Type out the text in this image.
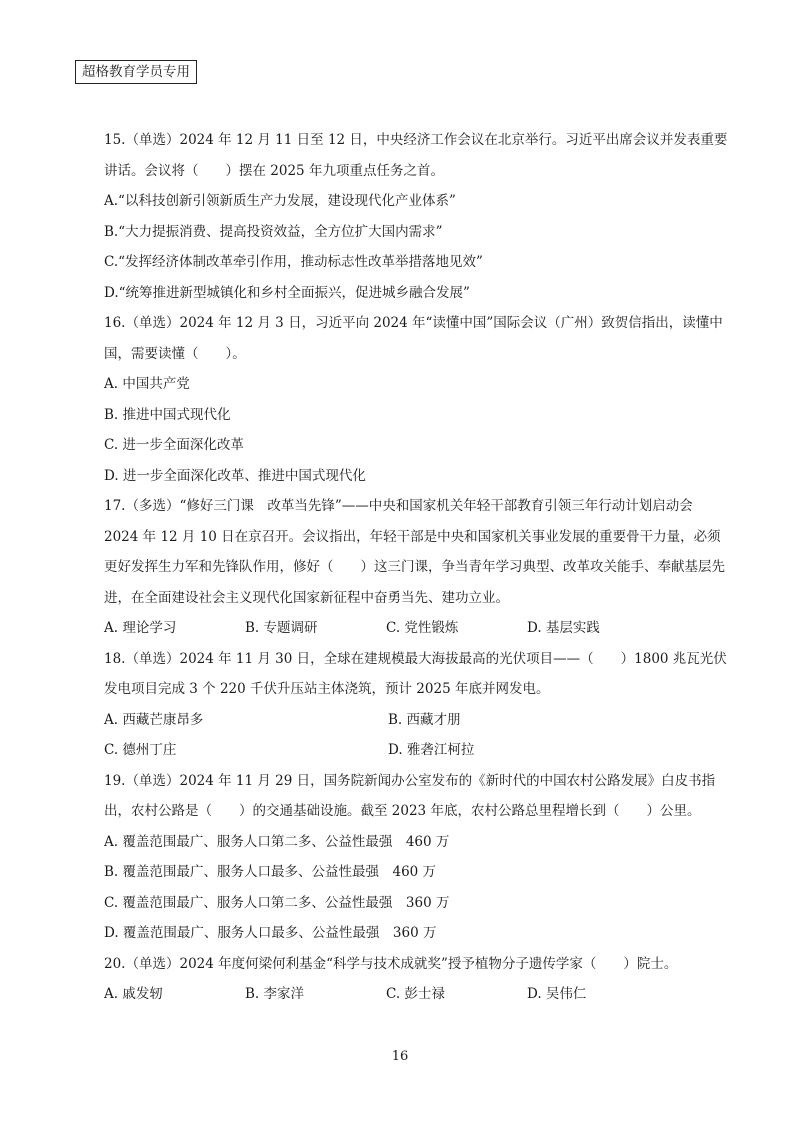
超格教育学员专用
15.（单选）2024 年 12 月 11 日至 12 日，中央经济工作会议在北京举行。习近平出席会议并发表重要讲话。会议将（　　）摆在 2025 年九项重点任务之首。
A.“以科技创新引领新质生产力发展，建设现代化产业体系”
B.“大力提振消费、提高投资效益，全方位扩大国内需求”
C.“发挥经济体制改革牵引作用，推动标志性改革举措落地见效”
D.“统筹推进新型城镇化和乡村全面振兴，促进城乡融合发展”
16.（单选）2024 年 12 月 3 日，习近平向 2024 年“读懂中国”国际会议（广州）致贺信指出，读懂中国，需要读懂（　　）。
A. 中国共产党
B. 推进中国式现代化
C. 进一步全面深化改革
D. 进一步全面深化改革、推进中国式现代化
17.（多选）“修好三门课　改革当先锋”——中央和国家机关年轻干部教育引领三年行动计划启动会 2024 年 12 月 10 日在京召开。会议指出，年轻干部是中央和国家机关事业发展的重要骨干力量，必须更好发挥生力军和先锋队作用，修好（　　）这三门课，争当青年学习典型、改革攻关能手、奉献基层先进，在全面建设社会主义现代化国家新征程中奋勇当先、建功立业。
A. 理论学习	B. 专题调研	C. 党性锻炼	D. 基层实践
18.（单选）2024 年 11 月 30 日，全球在建规模最大海拔最高的光伏项目——（　　）1800 兆瓦光伏发电项目完成 3 个 220 千伏升压站主体浇筑，预计 2025 年底并网发电。
A. 西藏芒康昂多	B. 西藏才朋
C. 德州丁庄	D. 雅砻江柯拉
19.（单选）2024 年 11 月 29 日，国务院新闻办公室发布的《新时代的中国农村公路发展》白皮书指出，农村公路是（　　）的交通基础设施。截至 2023 年底，农村公路总里程增长到（　　）公里。
A. 覆盖范围最广、服务人口第二多、公益性最强　460 万
B. 覆盖范围最广、服务人口最多、公益性最强　460 万
C. 覆盖范围最广、服务人口第二多、公益性最强　360 万
D. 覆盖范围最广、服务人口最多、公益性最强　360 万
20.（单选）2024 年度何梁何利基金“科学与技术成就奖”授予植物分子遗传学家（　　）院士。
A. 戚发轫	B. 李家洋	C. 彭士禄	D. 吴伟仁
16
